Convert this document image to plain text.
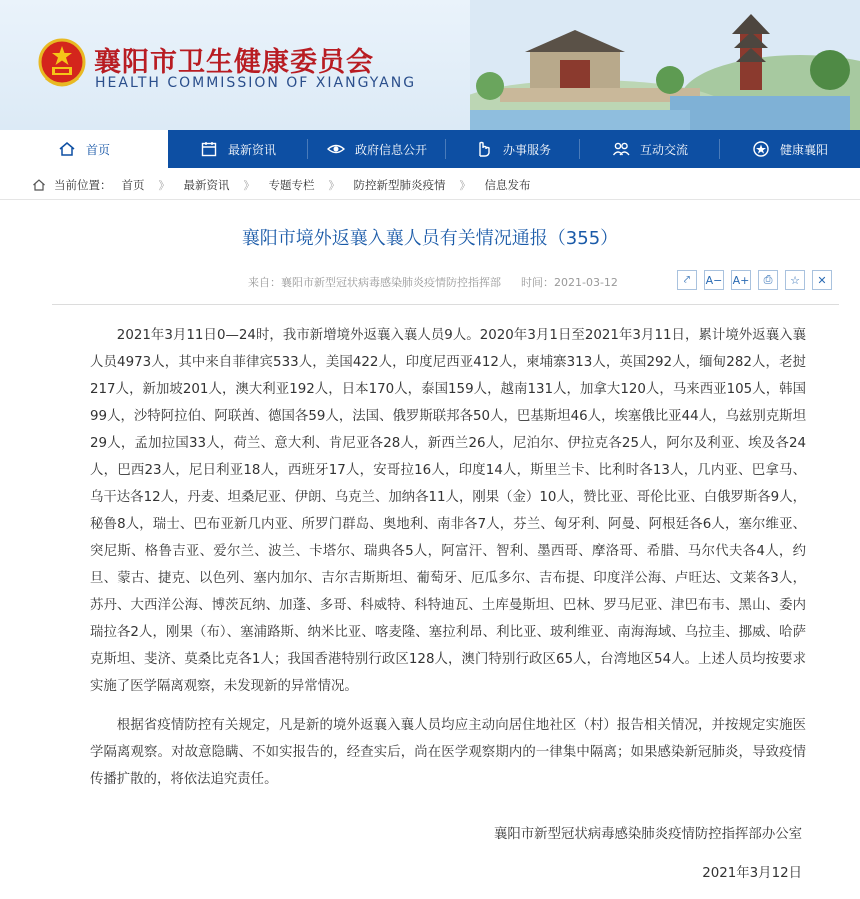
襄阳市卫生健康委员会
HEALTH COMMISSION OF XIANGYANG
首页	最新资讯	政府信息公开	办事服务	互动交流	健康襄阳
当前位置： 首页 》 最新资讯 》 专题专栏 》 防控新型肺炎疫情 》 信息发布
襄阳市境外返襄入襄人员有关情况通报（355）
来自：襄阳市新型冠状病毒感染肺炎疫情防控指挥部 时间：2021-03-12	⤤ A− A+ ⎙ ☆ ✕

2021年3月11日0—24时，我市新增境外返襄入襄人员9人。2020年3月1日至2021年3月11日，累计境外返襄入襄人员4973人，其中来自菲律宾533人，美国422人，印度尼西亚412人，柬埔寨313人，英国292人，缅甸282人，老挝217人，新加坡201人，澳大利亚192人，日本170人，泰国159人，越南131人，加拿大120人，马来西亚105人，韩国99人，沙特阿拉伯、阿联酋、德国各59人，法国、俄罗斯联邦各50人，巴基斯坦46人，埃塞俄比亚44人，乌兹别克斯坦29人，孟加拉国33人，荷兰、意大利、肯尼亚各28人，新西兰26人，尼泊尔、伊拉克各25人，阿尔及利亚、埃及各24人，巴西23人，尼日利亚18人，西班牙17人，安哥拉16人，印度14人，斯里兰卡、比利时各13人，几内亚、巴拿马、乌干达各12人，丹麦、坦桑尼亚、伊朗、乌克兰、加纳各11人，刚果（金）10人，赞比亚、哥伦比亚、白俄罗斯各9人，秘鲁8人，瑞士、巴布亚新几内亚、所罗门群岛、奥地利、南非各7人，芬兰、匈牙利、阿曼、阿根廷各6人，塞尔维亚、突尼斯、格鲁吉亚、爱尔兰、波兰、卡塔尔、瑞典各5人，阿富汗、智利、墨西哥、摩洛哥、希腊、马尔代夫各4人，约旦、蒙古、捷克、以色列、塞内加尔、吉尔吉斯斯坦、葡萄牙、厄瓜多尔、吉布提、印度洋公海、卢旺达、文莱各3人，苏丹、大西洋公海、博茨瓦纳、加蓬、多哥、科威特、科特迪瓦、土库曼斯坦、巴林、罗马尼亚、津巴布韦、黑山、委内瑞拉各2人，刚果（布）、塞浦路斯、纳米比亚、喀麦隆、塞拉利昂、利比亚、玻利维亚、南海海域、乌拉圭、挪威、哈萨克斯坦、斐济、莫桑比克各1人；我国香港特别行政区128人，澳门特别行政区65人，台湾地区54人。上述人员均按要求实施了医学隔离观察，未发现新的异常情况。

根据省疫情防控有关规定，凡是新的境外返襄入襄人员均应主动向居住地社区（村）报告相关情况，并按规定实施医学隔离观察。对故意隐瞒、不如实报告的，经查实后，尚在医学观察期内的一律集中隔离；如果感染新冠肺炎，导致疫情传播扩散的，将依法追究责任。

襄阳市新型冠状病毒感染肺炎疫情防控指挥部办公室
2021年3月12日
